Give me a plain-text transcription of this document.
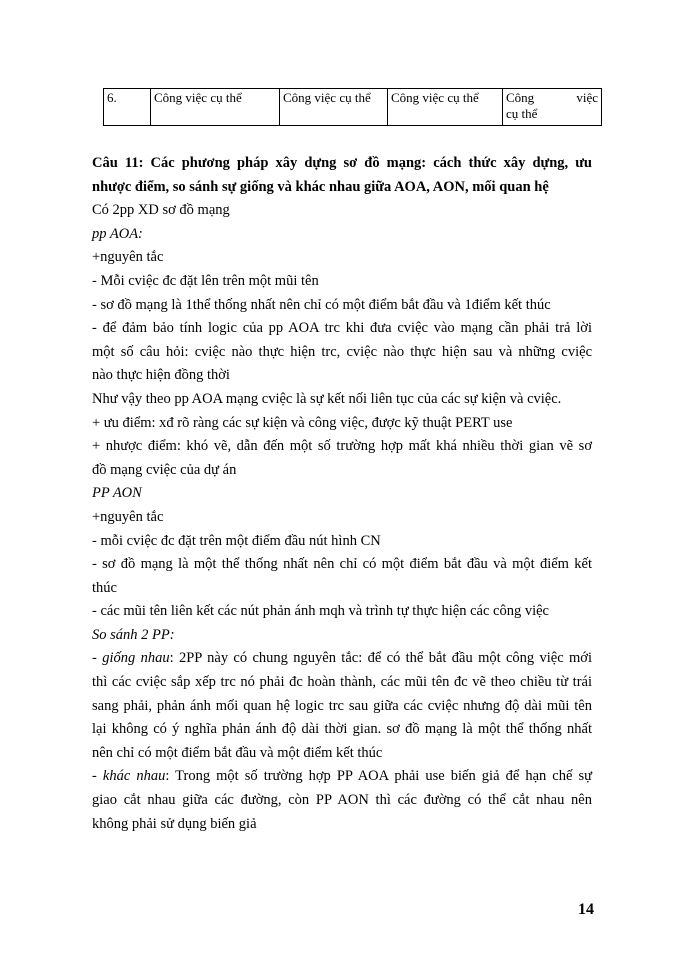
6.	Công việc cụ thể	Công việc cụ thể	Công việc cụ thể	Công việc
cụ thể
Câu 11: Các phương pháp xây dựng sơ đồ mạng: cách thức xây dựng, ưu
nhược điểm, so sánh sự giống và khác nhau giữa AOA, AON, mối quan hệ
Có 2pp XD sơ đồ mạng
pp AOA:
+nguyên tắc
- Mỗi cviệc đc đặt lên trên một mũi tên
- sơ đồ mạng là 1thể thống nhất nên chỉ có một điểm bắt đầu và 1điểm kết thúc
- để đảm bảo tính logic của pp AOA trc khi đưa cviệc vào mạng cần phải trả lời
một số câu hỏi: cviệc nào thực hiện trc, cviệc nào thực hiện sau và những cviệc
nào thực hiện đồng thời
Như vậy theo pp AOA mạng cviệc là sự kết nối liên tục của các sự kiện và cviệc.
+ ưu điểm: xđ rõ ràng các sự kiện và công việc, được kỹ thuật PERT use
+ nhược điểm: khó vẽ, dẫn đến một số trường hợp mất khá nhiều thời gian vẽ sơ
đồ mạng cviệc của dự án
PP AON
+nguyên tắc
- mỗi cviệc đc đặt trên một điểm đầu nút hình CN
- sơ đồ mạng là một thể thống nhất nên chỉ có một điểm bắt đầu và một điểm kết
thúc
- các mũi tên liên kết các nút phản ánh mqh và trình tự thực hiện các công việc
So sánh 2 PP:
- giống nhau: 2PP này có chung nguyên tắc: để có thể bắt đầu một công việc mới
thì các cviệc sắp xếp trc nó phải đc hoàn thành, các mũi tên đc vẽ theo chiều từ trái
sang phải, phản ánh mối quan hệ logic trc sau giữa các cviệc nhưng độ dài mũi tên
lại không có ý nghĩa phản ánh độ dài thời gian. sơ đồ mạng là một thể thống nhất
nên chỉ có một điểm bắt đầu và một điểm kết thúc
- khác nhau: Trong một số trường hợp PP AOA phải use biến giả để hạn chế sự
giao cắt nhau giữa các đường, còn PP AON thì các đường có thể cắt nhau nên
không phải sử dụng biến giả
14
